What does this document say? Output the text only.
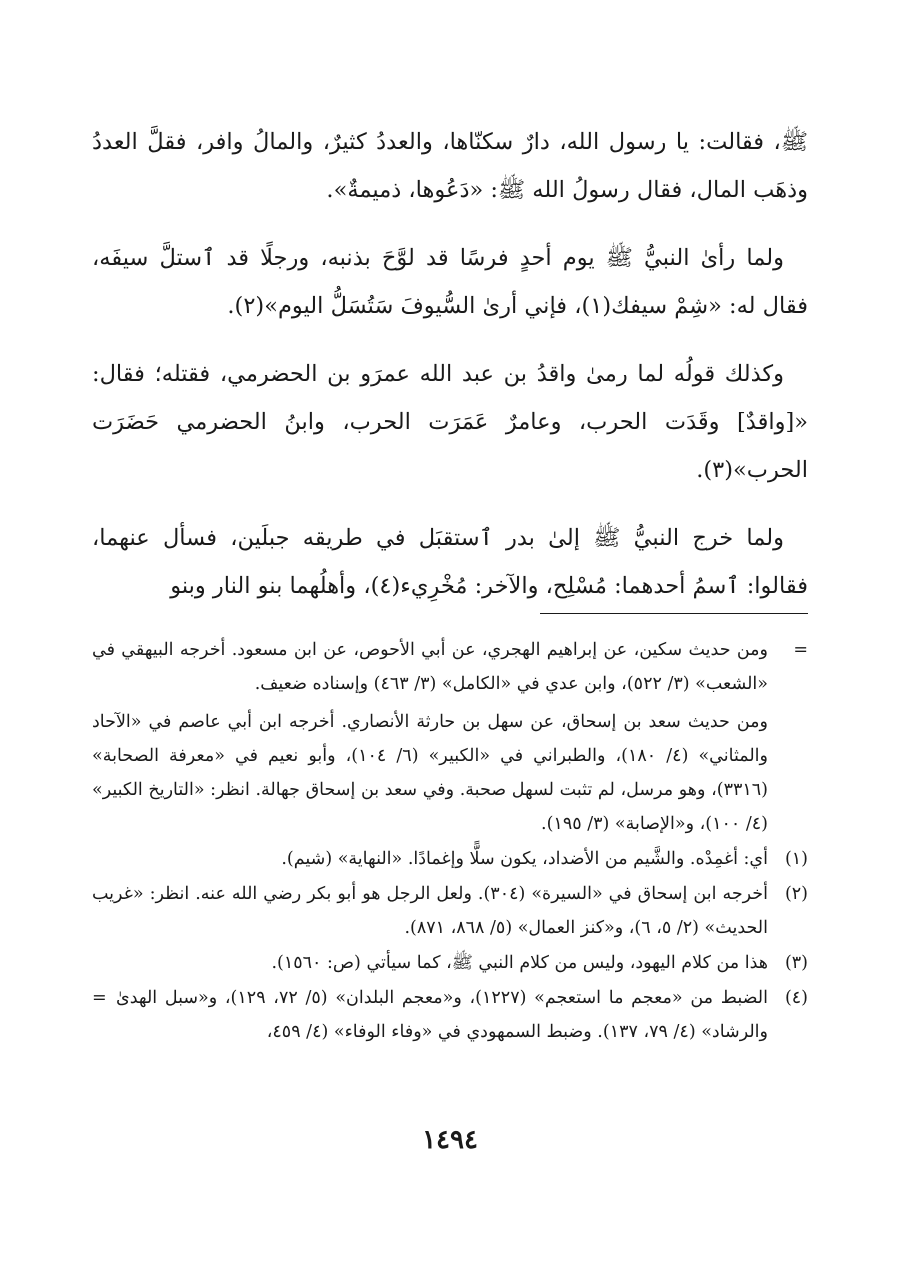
ﷺ، فقالت: يا رسول الله، دارٌ سكنّاها، والعددُ كثيرٌ، والمالُ وافر، فقلَّ العددُ وذهَب المال، فقال رسولُ الله ﷺ: «دَعُوها، ذميمةٌ».

ولما رأىٰ النبيُّ ﷺ يوم أحدٍ فرسًا قد لوَّحَ بذنبه، ورجلًا قد ٱستلَّ سيفَه، فقال له: «شِمْ سيفك(١)، فإني أرىٰ السُّيوفَ سَتُسَلُّ اليوم»(٢).

وكذلك قولُه لما رمىٰ واقدُ بن عبد الله عمرَو بن الحضرمي، فقتله؛ فقال: «[واقدٌ] وقَدَت الحرب، وعامرٌ عَمَرَت الحرب، وابنُ الحضرمي حَضَرَت الحرب»(٣).

ولما خرج النبيُّ ﷺ إلىٰ بدر ٱستقبَل في طريقه جبلَين، فسأل عنهما، فقالوا: ٱسمُ أحدهما: مُسْلِح، والآخر: مُخْرِيء(٤)، وأهلُهما بنو النار وبنو

=

ومن حديث سكين، عن إبراهيم الهجري، عن أبي الأحوص، عن ابن مسعود. أخرجه البيهقي في «الشعب» (٣/ ٥٢٢)، وابن عدي في «الكامل» (٣/ ٤٦٣) وإسناده ضعيف.

ومن حديث سعد بن إسحاق، عن سهل بن حارثة الأنصاري. أخرجه ابن أبي عاصم في «الآحاد والمثاني» (٤/ ١٨٠)، والطبراني في «الكبير» (٦/ ١٠٤)، وأبو نعيم في «معرفة الصحابة» (٣٣١٦)، وهو مرسل، لم تثبت لسهل صحبة. وفي سعد بن إسحاق جهالة. انظر: «التاريخ الكبير» (٤/ ١٠٠)، و«الإصابة» (٣/ ١٩٥).

(١)
أي: أغمِدْه. والشَّيم من الأضداد، يكون سلًّا وإغمادًا. «النهاية» (شيم).
(٢)
أخرجه ابن إسحاق في «السيرة» (٣٠٤). ولعل الرجل هو أبو بكر رضي الله عنه. انظر: «غريب الحديث» (٢/ ٥، ٦)، و«كنز العمال» (٥/ ٨٦٨، ٨٧١).
(٣)
هذا من كلام اليهود، وليس من كلام النبي ﷺ، كما سيأتي (ص: ١٥٦٠).
(٤)
الضبط من «معجم ما استعجم» (١٢٢٧)، و«معجم البلدان» (٥/ ٧٢، ١٢٩)، و«سبل الهدىٰ والرشاد» (٤/ ٧٩، ١٣٧). وضبط السمهودي في «وفاء الوفاء» (٤/ ٤٥٩،
=
١٤٩٤
